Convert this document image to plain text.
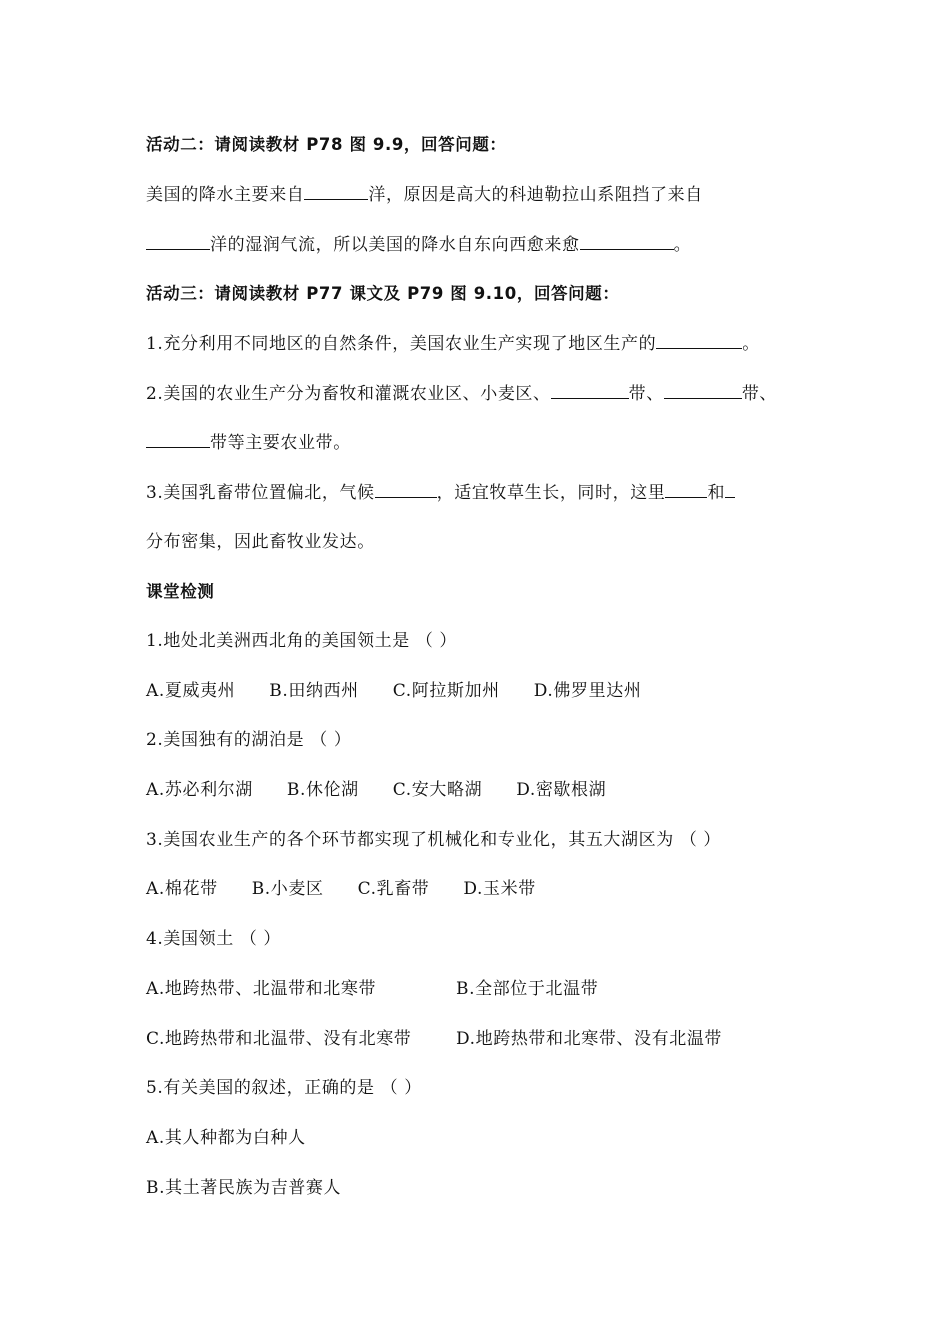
活动二：请阅读教材 P78 图 9.9，回答问题：
美国的降水主要来自	洋，原因是高大的科迪勒拉山系阻挡了来自
洋的湿润气流，所以美国的降水自东向西愈来愈	。
活动三：请阅读教材 P77 课文及 P79 图 9.10，回答问题：
1.充分利用不同地区的自然条件，美国农业生产实现了地区生产的	。
2.美国的农业生产分为畜牧和灌溉农业区、小麦区、	带、	带、
带等主要农业带。
3.美国乳畜带位置偏北，气候	，适宜牧草生长，同时，这里 和
分布密集，因此畜牧业发达。
课堂检测
1.地处北美洲西北角的美国领土是 （ ）
A.夏威夷州 B.田纳西州 C.阿拉斯加州 D.佛罗里达州
2.美国独有的湖泊是 （ ）
A.苏必利尔湖 B.休伦湖 C.安大略湖 D.密歇根湖
3.美国农业生产的各个环节都实现了机械化和专业化，其五大湖区为 （ ）
A.棉花带 B.小麦区 C.乳畜带 D.玉米带
4.美国领土 （ ）
A.地跨热带、北温带和北寒带	B.全部位于北温带
C.地跨热带和北温带、没有北寒带	D.地跨热带和北寒带、没有北温带
5.有关美国的叙述，正确的是 （ ）
A.其人种都为白种人
B.其土著民族为吉普赛人
